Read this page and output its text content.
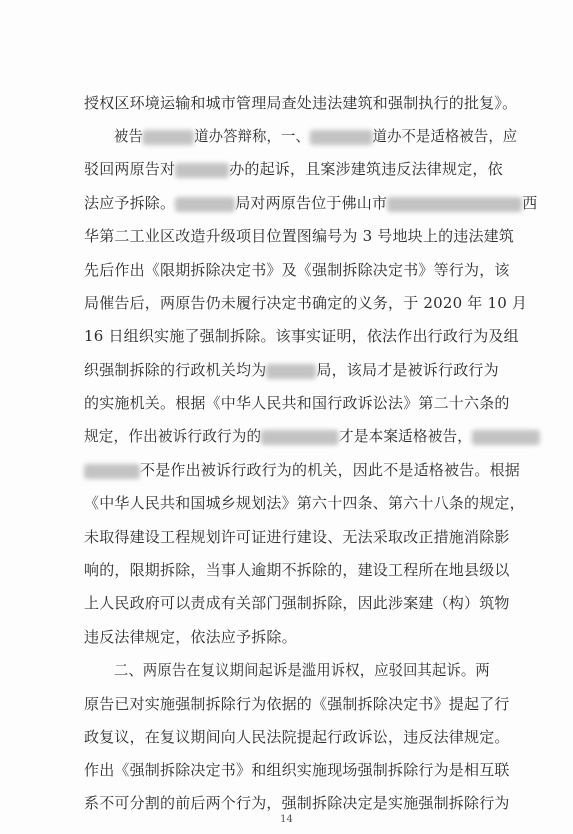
授权区环境运输和城市管理局查处违法建筑和强制执行的批复》。
被告	道办答辩称，一、	道办不是适格被告，应
驳回两原告对	办的起诉，且案涉建筑违反法律规定，依
法应予拆除。	局对两原告位于佛山市	西
华第二工业区改造升级项目位置图编号为 3 号地块上的违法建筑
先后作出《限期拆除决定书》及《强制拆除决定书》等行为，该
局催告后，两原告仍未履行决定书确定的义务，于 2020 年 10 月
16 日组织实施了强制拆除。该事实证明，依法作出行政行为及组
织强制拆除的行政机关均为	局，该局才是被诉行政行为
的实施机关。根据《中华人民共和国行政诉讼法》第二十六条的
规定，作出被诉行政行为的	才是本案适格被告，
不是作出被诉行政行为的机关，因此不是适格被告。根据
《中华人民共和国城乡规划法》第六十四条、第六十八条的规定，
未取得建设工程规划许可证进行建设、无法采取改正措施消除影
响的，限期拆除，当事人逾期不拆除的，建设工程所在地县级以
上人民政府可以责成有关部门强制拆除，因此涉案建（构）筑物
违反法律规定，依法应予拆除。
二、两原告在复议期间起诉是滥用诉权，应驳回其起诉。两
原告已对实施强制拆除行为依据的《强制拆除决定书》提起了行
政复议，在复议期间向人民法院提起行政诉讼，违反法律规定。
作出《强制拆除决定书》和组织实施现场强制拆除行为是相互联
系不可分割的前后两个行为，强制拆除决定是实施强制拆除行为
14
